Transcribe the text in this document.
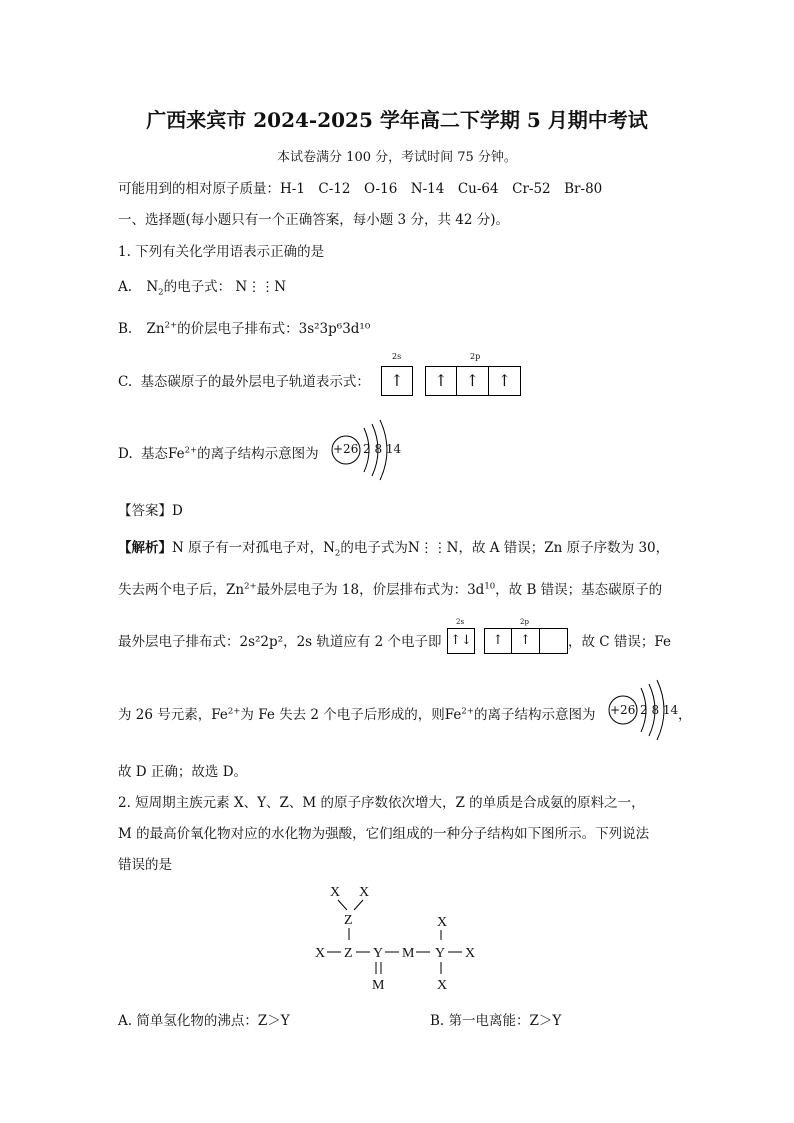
广西来宾市 2024-2025 学年高二下学期 5 月期中考试
本试卷满分 100 分，考试时间 75 分钟。
可能用到的相对原子质量：H-1　C-12　O-16　N-14　Cu-64　Cr-52　Br-80
一、选择题(每小题只有一个正确答案，每小题 3 分，共 42 分)。
1. 下列有关化学用语表示正确的是
A. $N_2$的电子式： N⋮⋮N
B. $Zn^{2+}$的价层电子排布式：3s²3p⁶3d¹⁰
C. 基态碳原子的最外层电子轨道表示式：
2s	2p
↑	↑	↑	↑
D. 基态$Fe^{2+}$的离子结构示意图为 +26 2 8 14
【答案】D
【解析】N 原子有一对孤电子对，$N_2$的电子式为N⋮⋮N，故 A 错误；Zn 原子序数为 30，
失去两个电子后，$Zn^{2+}$最外层电子为 18，价层排布式为：$3d^{10}$，故 B 错误；基态碳原子的
最外层电子排布式：2s²2p²，2s 轨道应有 2 个电子即
2s	2p
↑↓	↑	↑	，故 C 错误；Fe
为 26 号元素，$Fe^{2+}$为 Fe 失去 2 个电子后形成的，则$Fe^{2+}$的离子结构示意图为 +26 2 8 14 ，
故 D 正确；故选 D。
2. 短周期主族元素 X、Y、Z、M 的原子序数依次增大，Z 的单质是合成氨的原料之一，
M 的最高价氧化物对应的水化物为强酸，它们组成的一种分子结构如下图所示。下列说法
错误的是
X X
Z
X Z Y M Y X
X
X
M
A. 简单氢化物的沸点：Z＞Y	B. 第一电离能：Z＞Y
